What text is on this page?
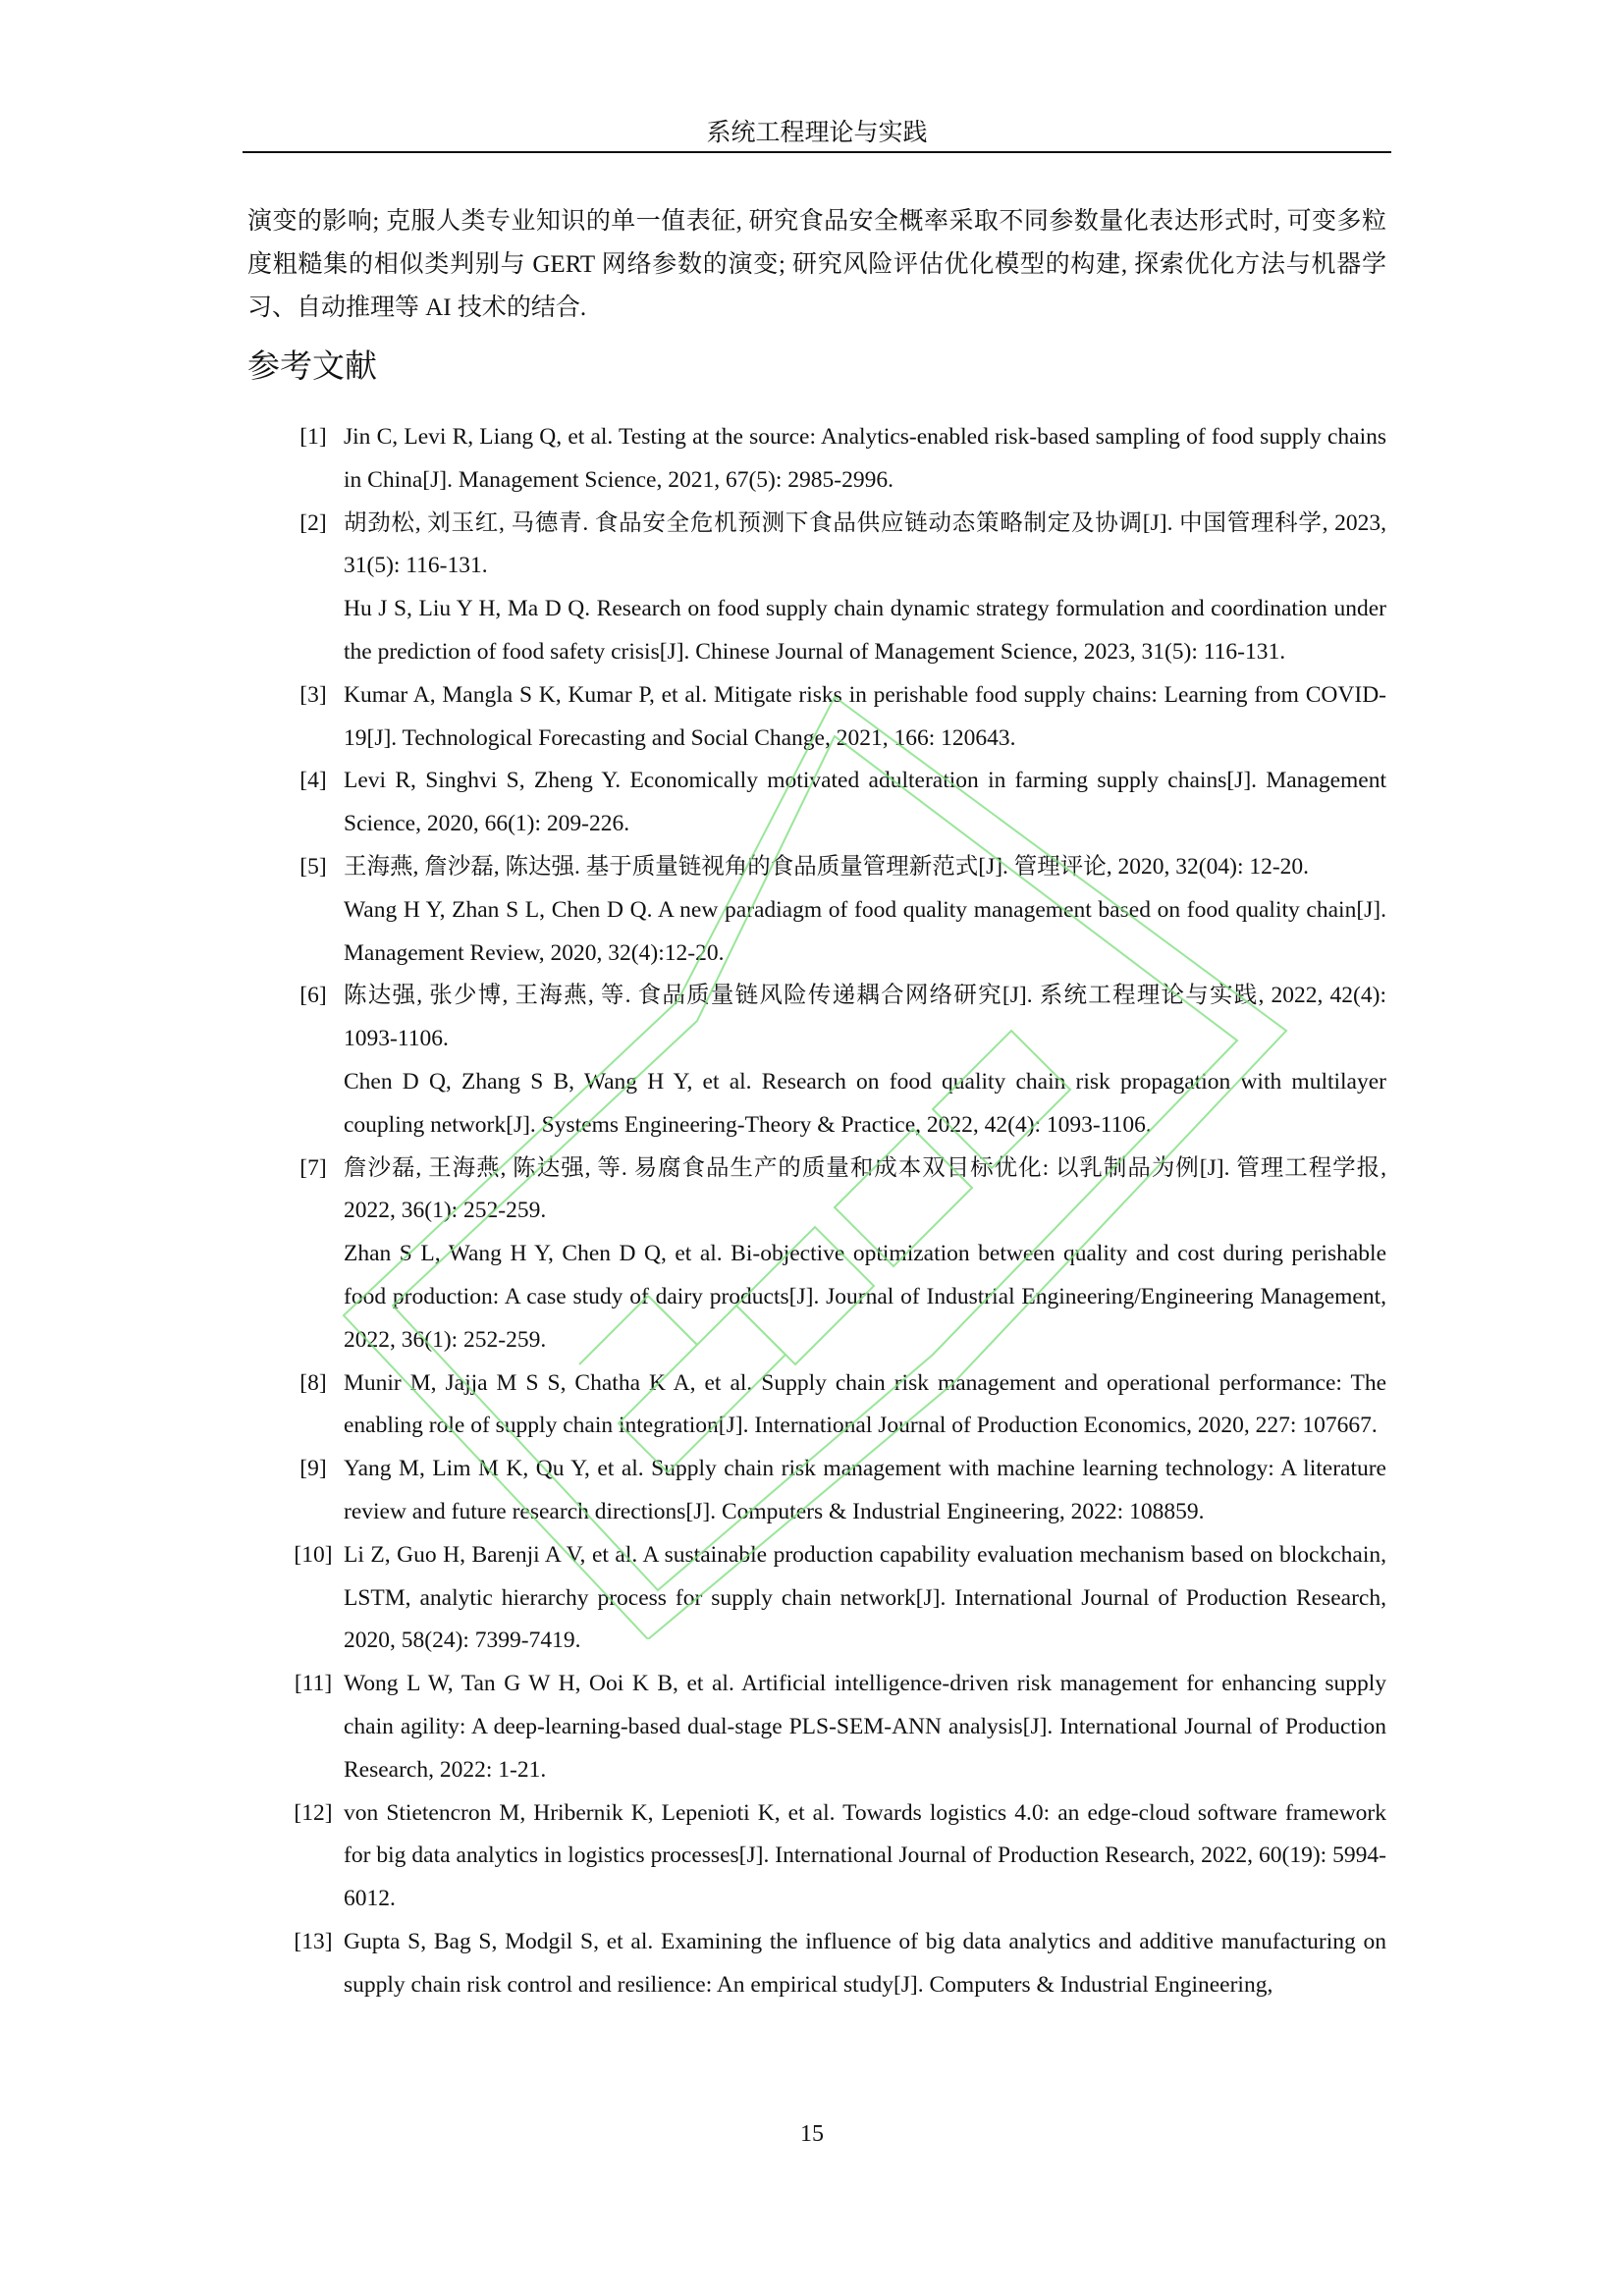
系统工程理论与实践
演变的影响; 克服人类专业知识的单一值表征, 研究食品安全概率采取不同参数量化表达形式时, 可变多粒度粗糙集的相似类判别与 GERT 网络参数的演变; 研究风险评估优化模型的构建, 探索优化方法与机器学习、自动推理等 AI 技术的结合.
参考文献
[1] Jin C, Levi R, Liang Q, et al. Testing at the source: Analytics-enabled risk-based sampling of food supply chains in China[J]. Management Science, 2021, 67(5): 2985-2996.

[2] 胡劲松, 刘玉红, 马德青. 食品安全危机预测下食品供应链动态策略制定及协调[J]. 中国管理科学, 2023, 31(5): 116-131.

Hu J S, Liu Y H, Ma D Q. Research on food supply chain dynamic strategy formulation and coordination under the prediction of food safety crisis[J]. Chinese Journal of Management Science, 2023, 31(5): 116-131.

[3] Kumar A, Mangla S K, Kumar P, et al. Mitigate risks in perishable food supply chains: Learning from COVID-19[J]. Technological Forecasting and Social Change, 2021, 166: 120643.

[4] Levi R, Singhvi S, Zheng Y. Economically motivated adulteration in farming supply chains[J]. Management Science, 2020, 66(1): 209-226.

[5] 王海燕, 詹沙磊, 陈达强. 基于质量链视角的食品质量管理新范式[J]. 管理评论, 2020, 32(04): 12-20.

Wang H Y, Zhan S L, Chen D Q. A new paradiagm of food quality management based on food quality chain[J]. Management Review, 2020, 32(4):12-20.

[6] 陈达强, 张少博, 王海燕, 等. 食品质量链风险传递耦合网络研究[J]. 系统工程理论与实践, 2022, 42(4): 1093-1106.

Chen D Q, Zhang S B, Wang H Y, et al. Research on food quality chain risk propagation with multilayer coupling network[J]. Systems Engineering-Theory & Practice, 2022, 42(4): 1093-1106.

[7] 詹沙磊, 王海燕, 陈达强, 等. 易腐食品生产的质量和成本双目标优化: 以乳制品为例[J]. 管理工程学报, 2022, 36(1): 252-259.

Zhan S L, Wang H Y, Chen D Q, et al. Bi-objective optimization between quality and cost during perishable food production: A case study of dairy products[J]. Journal of Industrial Engineering/Engineering Management, 2022, 36(1): 252-259.

[8] Munir M, Jajja M S S, Chatha K A, et al. Supply chain risk management and operational performance: The enabling role of supply chain integration[J]. International Journal of Production Economics, 2020, 227: 107667.

[9] Yang M, Lim M K, Qu Y, et al. Supply chain risk management with machine learning technology: A literature review and future research directions[J]. Computers & Industrial Engineering, 2022: 108859.

[10] Li Z, Guo H, Barenji A V, et al. A sustainable production capability evaluation mechanism based on blockchain, LSTM, analytic hierarchy process for supply chain network[J]. International Journal of Production Research, 2020, 58(24): 7399-7419.

[11] Wong L W, Tan G W H, Ooi K B, et al. Artificial intelligence-driven risk management for enhancing supply chain agility: A deep-learning-based dual-stage PLS-SEM-ANN analysis[J]. International Journal of Production Research, 2022: 1-21.

[12] von Stietencron M, Hribernik K, Lepenioti K, et al. Towards logistics 4.0: an edge-cloud software framework for big data analytics in logistics processes[J]. International Journal of Production Research, 2022, 60(19): 5994-6012.

[13] Gupta S, Bag S, Modgil S, et al. Examining the influence of big data analytics and additive manufacturing on supply chain risk control and resilience: An empirical study[J]. Computers & Industrial Engineering,

15
